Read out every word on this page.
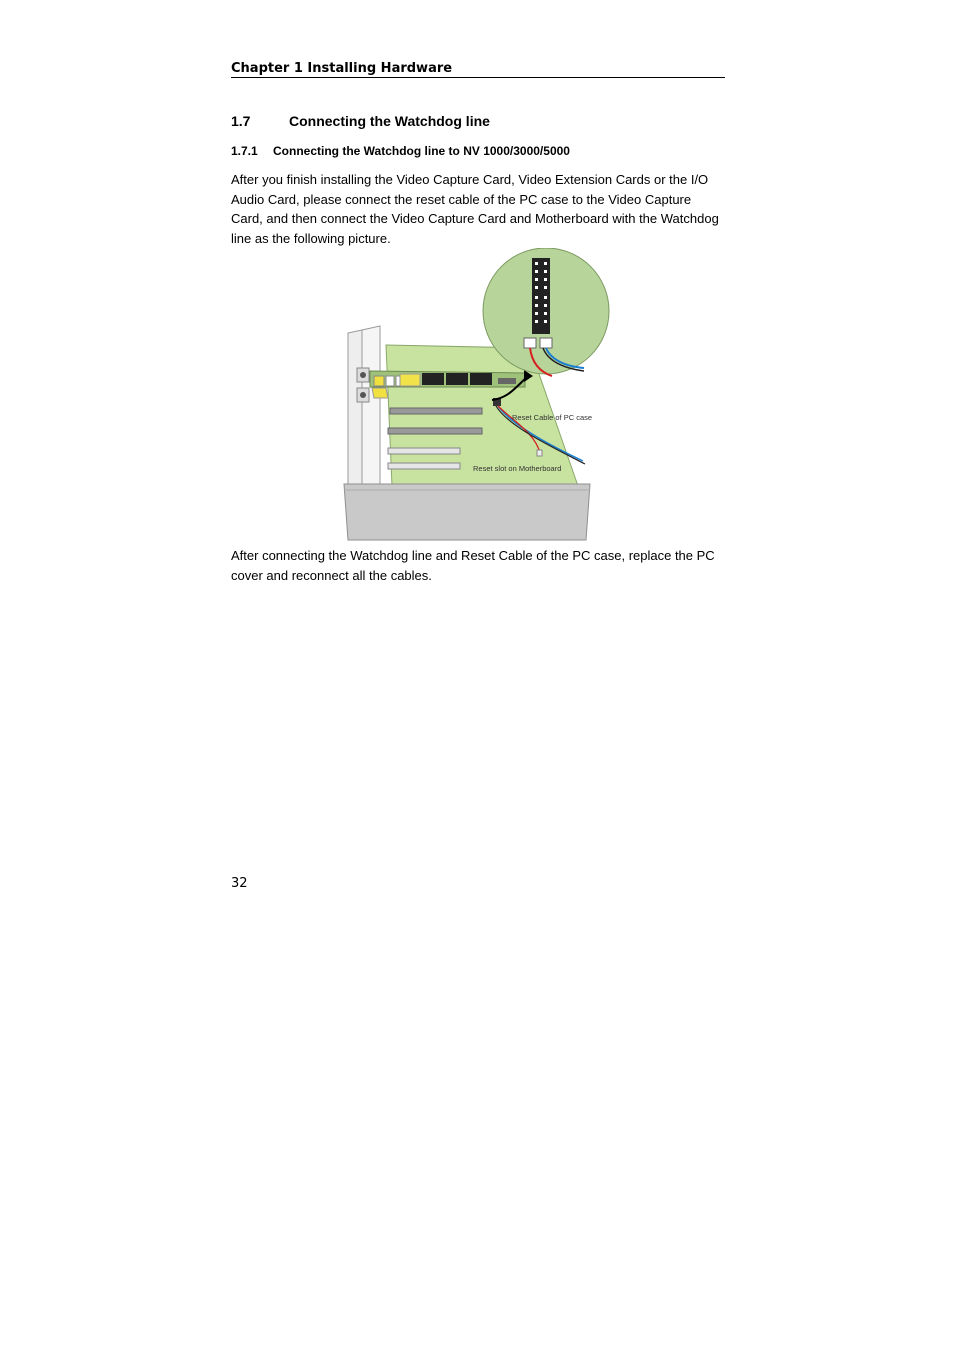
Chapter 1 Installing Hardware
1.7	Connecting the Watchdog line
1.7.1 Connecting the Watchdog line to NV 1000/3000/5000

After you finish installing the Video Capture Card, Video Extension Cards or the I/O Audio Card, please connect the reset cable of the PC case to the Video Capture Card, and then connect the Video Capture Card and Motherboard with the Watchdog line as the following picture.

Reset Cable of PC case
Reset slot on Motherboard

After connecting the Watchdog line and Reset Cable of the PC case, replace the PC cover and reconnect all the cables.

32
